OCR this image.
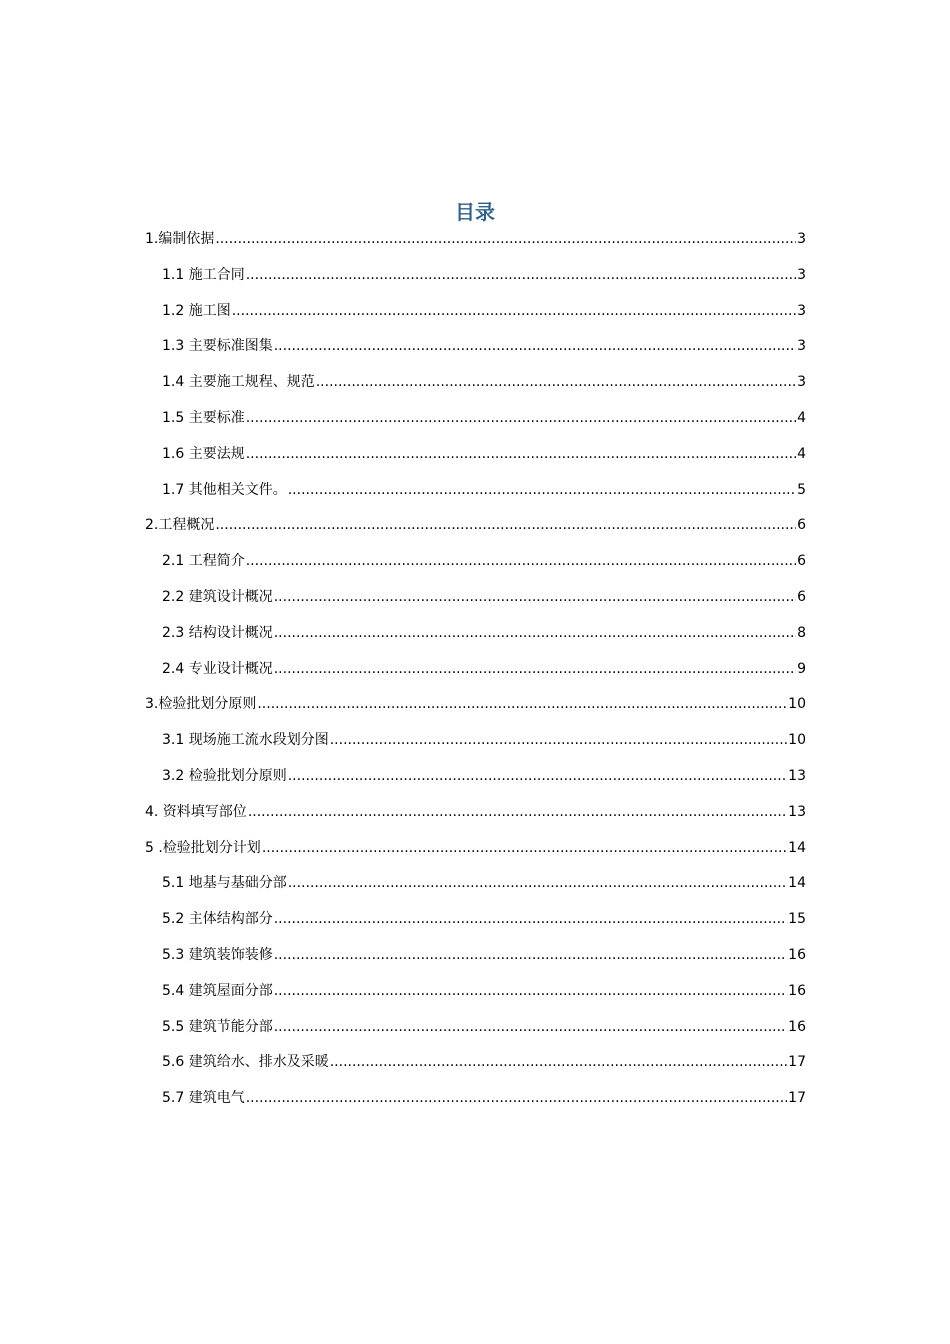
目录
1.编制依据 .....	3
1.1 施工合同 .....	3
1.2 施工图 .....	3
1.3 主要标准图集 .....	3
1.4 主要施工规程、规范 .....	3
1.5 主要标准 .....	4
1.6 主要法规 .....	4
1.7 其他相关文件。 .....	5
2.工程概况 .....	6
2.1 工程简介 .....	6
2.2 建筑设计概况 .....	6
2.3 结构设计概况 .....	8
2.4 专业设计概况 .....	9
3.检验批划分原则 .....	10
3.1 现场施工流水段划分图 .....	10
3.2 检验批划分原则 .....	13
4. 资料填写部位 .....	13
5 .检验批划分计划 .....	14
5.1 地基与基础分部 .....	14
5.2 主体结构部分 .....	15
5.3 建筑装饰装修 .....	16
5.4 建筑屋面分部 .....	16
5.5 建筑节能分部 .....	16
5.6 建筑给水、排水及采暖 .....	17
5.7 建筑电气 .....	17
